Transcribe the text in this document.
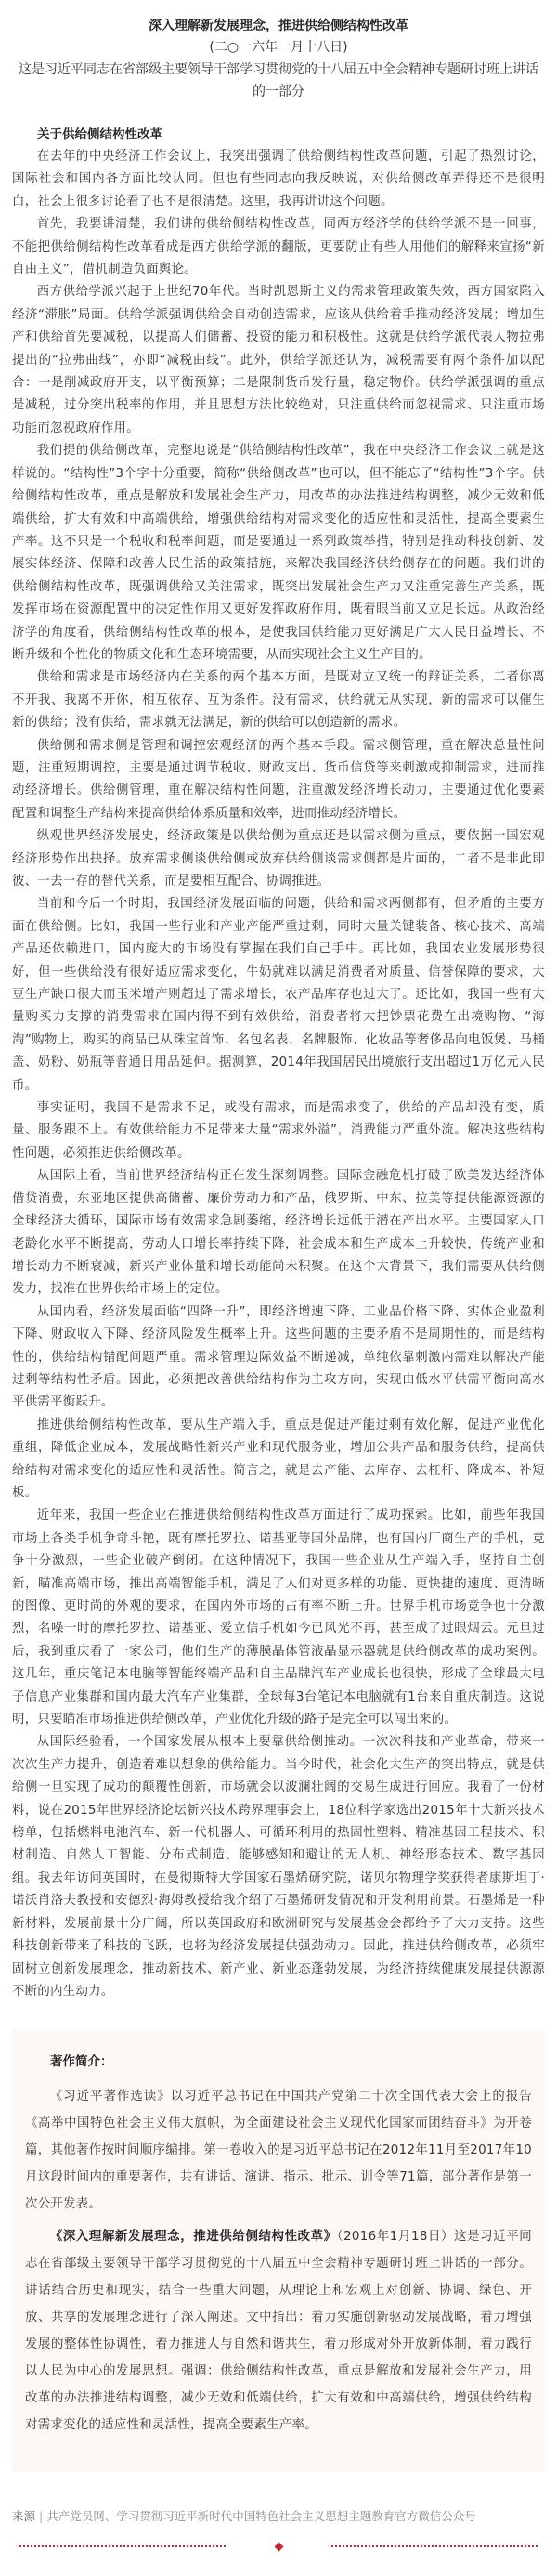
深入理解新发展理念，推进供给侧结构性改革
(二○一六年一月十八日)
这是习近平同志在省部级主要领导干部学习贯彻党的十八届五中全会精神专题研讨班上讲话的一部分
关于供给侧结构性改革

在去年的中央经济工作会议上，我突出强调了供给侧结构性改革问题，引起了热烈讨论，国际社会和国内各方面比较认同。但也有些同志向我反映说，对供给侧改革弄得还不是很明白，社会上很多讨论看了也不是很清楚。这里，我再讲讲这个问题。

首先，我要讲清楚，我们讲的供给侧结构性改革，同西方经济学的供给学派不是一回事，不能把供给侧结构性改革看成是西方供给学派的翻版，更要防止有些人用他们的解释来宣扬“新自由主义”，借机制造负面舆论。

西方供给学派兴起于上世纪70年代。当时凯恩斯主义的需求管理政策失效，西方国家陷入经济“滞胀”局面。供给学派强调供给会自动创造需求，应该从供给着手推动经济发展；增加生产和供给首先要减税，以提高人们储蓄、投资的能力和积极性。这就是供给学派代表人物拉弗提出的“拉弗曲线”，亦即“减税曲线”。此外，供给学派还认为，减税需要有两个条件加以配合：一是削减政府开支，以平衡预算；二是限制货币发行量，稳定物价。供给学派强调的重点是减税，过分突出税率的作用，并且思想方法比较绝对，只注重供给而忽视需求、只注重市场功能而忽视政府作用。

我们提的供给侧改革，完整地说是“供给侧结构性改革”，我在中央经济工作会议上就是这样说的。“结构性”3个字十分重要，简称“供给侧改革”也可以，但不能忘了“结构性”3个字。供给侧结构性改革，重点是解放和发展社会生产力，用改革的办法推进结构调整，减少无效和低端供给，扩大有效和中高端供给，增强供给结构对需求变化的适应性和灵活性，提高全要素生产率。这不只是一个税收和税率问题，而是要通过一系列政策举措，特别是推动科技创新、发展实体经济、保障和改善人民生活的政策措施，来解决我国经济供给侧存在的问题。我们讲的供给侧结构性改革，既强调供给又关注需求，既突出发展社会生产力又注重完善生产关系，既发挥市场在资源配置中的决定性作用又更好发挥政府作用，既着眼当前又立足长远。从政治经济学的角度看，供给侧结构性改革的根本，是使我国供给能力更好满足广大人民日益增长、不断升级和个性化的物质文化和生态环境需要，从而实现社会主义生产目的。

供给和需求是市场经济内在关系的两个基本方面，是既对立又统一的辩证关系，二者你离不开我、我离不开你，相互依存、互为条件。没有需求，供给就无从实现，新的需求可以催生新的供给；没有供给，需求就无法满足，新的供给可以创造新的需求。

供给侧和需求侧是管理和调控宏观经济的两个基本手段。需求侧管理，重在解决总量性问题，注重短期调控，主要是通过调节税收、财政支出、货币信贷等来刺激或抑制需求，进而推动经济增长。供给侧管理，重在解决结构性问题，注重激发经济增长动力，主要通过优化要素配置和调整生产结构来提高供给体系质量和效率，进而推动经济增长。

纵观世界经济发展史，经济政策是以供给侧为重点还是以需求侧为重点，要依据一国宏观经济形势作出抉择。放弃需求侧谈供给侧或放弃供给侧谈需求侧都是片面的，二者不是非此即彼、一去一存的替代关系，而是要相互配合、协调推进。

当前和今后一个时期，我国经济发展面临的问题，供给和需求两侧都有，但矛盾的主要方面在供给侧。比如，我国一些行业和产业产能严重过剩，同时大量关键装备、核心技术、高端产品还依赖进口，国内庞大的市场没有掌握在我们自己手中。再比如，我国农业发展形势很好，但一些供给没有很好适应需求变化，牛奶就难以满足消费者对质量、信誉保障的要求，大豆生产缺口很大而玉米增产则超过了需求增长，农产品库存也过大了。还比如，我国一些有大量购买力支撑的消费需求在国内得不到有效供给，消费者将大把钞票花费在出境购物、“海淘”购物上，购买的商品已从珠宝首饰、名包名表、名牌服饰、化妆品等奢侈品向电饭煲、马桶盖、奶粉、奶瓶等普通日用品延伸。据测算，2014年我国居民出境旅行支出超过1万亿元人民币。

事实证明，我国不是需求不足，或没有需求，而是需求变了，供给的产品却没有变，质量、服务跟不上。有效供给能力不足带来大量“需求外溢”，消费能力严重外流。解决这些结构性问题，必须推进供给侧改革。

从国际上看，当前世界经济结构正在发生深刻调整。国际金融危机打破了欧美发达经济体借贷消费，东亚地区提供高储蓄、廉价劳动力和产品，俄罗斯、中东、拉美等提供能源资源的全球经济大循环，国际市场有效需求急剧萎缩，经济增长远低于潜在产出水平。主要国家人口老龄化水平不断提高，劳动人口增长率持续下降，社会成本和生产成本上升较快，传统产业和增长动力不断衰减，新兴产业体量和增长动能尚未积聚。在这个大背景下，我们需要从供给侧发力，找准在世界供给市场上的定位。

从国内看，经济发展面临“四降一升”，即经济增速下降、工业品价格下降、实体企业盈利下降、财政收入下降、经济风险发生概率上升。这些问题的主要矛盾不是周期性的，而是结构性的，供给结构错配问题严重。需求管理边际效益不断递减，单纯依靠刺激内需难以解决产能过剩等结构性矛盾。因此，必须把改善供给结构作为主攻方向，实现由低水平供需平衡向高水平供需平衡跃升。

推进供给侧结构性改革，要从生产端入手，重点是促进产能过剩有效化解，促进产业优化重组，降低企业成本，发展战略性新兴产业和现代服务业，增加公共产品和服务供给，提高供给结构对需求变化的适应性和灵活性。简言之，就是去产能、去库存、去杠杆、降成本、补短板。

近年来，我国一些企业在推进供给侧结构性改革方面进行了成功探索。比如，前些年我国市场上各类手机争奇斗艳，既有摩托罗拉、诺基亚等国外品牌，也有国内厂商生产的手机，竞争十分激烈，一些企业破产倒闭。在这种情况下，我国一些企业从生产端入手，坚持自主创新，瞄准高端市场，推出高端智能手机，满足了人们对更多样的功能、更快捷的速度、更清晰的图像、更时尚的外观的要求，在国内外市场的占有率不断上升。世界手机市场竞争也十分激烈，名噪一时的摩托罗拉、诺基亚、爱立信手机如今已风光不再，甚至成了过眼烟云。元旦过后，我到重庆看了一家公司，他们生产的薄膜晶体管液晶显示器就是供给侧改革的成功案例。这几年，重庆笔记本电脑等智能终端产品和自主品牌汽车产业成长也很快，形成了全球最大电子信息产业集群和国内最大汽车产业集群，全球每3台笔记本电脑就有1台来自重庆制造。这说明，只要瞄准市场推进供给侧改革，产业优化升级的路子是完全可以闯出来的。

从国际经验看，一个国家发展从根本上要靠供给侧推动。一次次科技和产业革命，带来一次次生产力提升，创造着难以想象的供给能力。当今时代，社会化大生产的突出特点，就是供给侧一旦实现了成功的颠覆性创新，市场就会以波澜壮阔的交易生成进行回应。我看了一份材料，说在2015年世界经济论坛新兴技术跨界理事会上，18位科学家选出2015年十大新兴技术榜单，包括燃料电池汽车、新一代机器人、可循环利用的热固性塑料、精准基因工程技术、积材制造、自然人工智能、分布式制造、能够感知和避让的无人机、神经形态技术、数字基因组。我去年访问英国时，在曼彻斯特大学国家石墨烯研究院，诺贝尔物理学奖获得者康斯坦丁·诺沃肖洛夫教授和安德烈·海姆教授给我介绍了石墨烯研发情况和开发利用前景。石墨烯是一种新材料，发展前景十分广阔，所以英国政府和欧洲研究与发展基金会都给予了大力支持。这些科技创新带来了科技的飞跃，也将为经济发展提供强劲动力。因此，推进供给侧改革，必须牢固树立创新发展理念，推动新技术、新产业、新业态蓬勃发展，为经济持续健康发展提供源源不断的内生动力。

著作简介：

《习近平著作选读》以习近平总书记在中国共产党第二十次全国代表大会上的报告《高举中国特色社会主义伟大旗帜，为全面建设社会主义现代化国家而团结奋斗》为开卷篇，其他著作按时间顺序编排。第一卷收入的是习近平总书记在2012年11月至2017年10月这段时间内的重要著作，共有讲话、演讲、指示、批示、训令等71篇，部分著作是第一次公开发表。

《深入理解新发展理念，推进供给侧结构性改革》（2016年1月18日）这是习近平同志在省部级主要领导干部学习贯彻党的十八届五中全会精神专题研讨班上讲话的一部分。讲话结合历史和现实，结合一些重大问题，从理论上和宏观上对创新、协调、绿色、开放、共享的发展理念进行了深入阐述。文中指出：着力实施创新驱动发展战略，着力增强发展的整体性协调性，着力推进人与自然和谐共生，着力形成对外开放新体制，着力践行以人民为中心的发展思想。强调：供给侧结构性改革，重点是解放和发展社会生产力，用改革的办法推进结构调整，减少无效和低端供给，扩大有效和中高端供给，增强供给结构对需求变化的适应性和灵活性，提高全要素生产率。

来源 | 共产党员网、学习贯彻习近平新时代中国特色社会主义思想主题教育官方微信公众号
